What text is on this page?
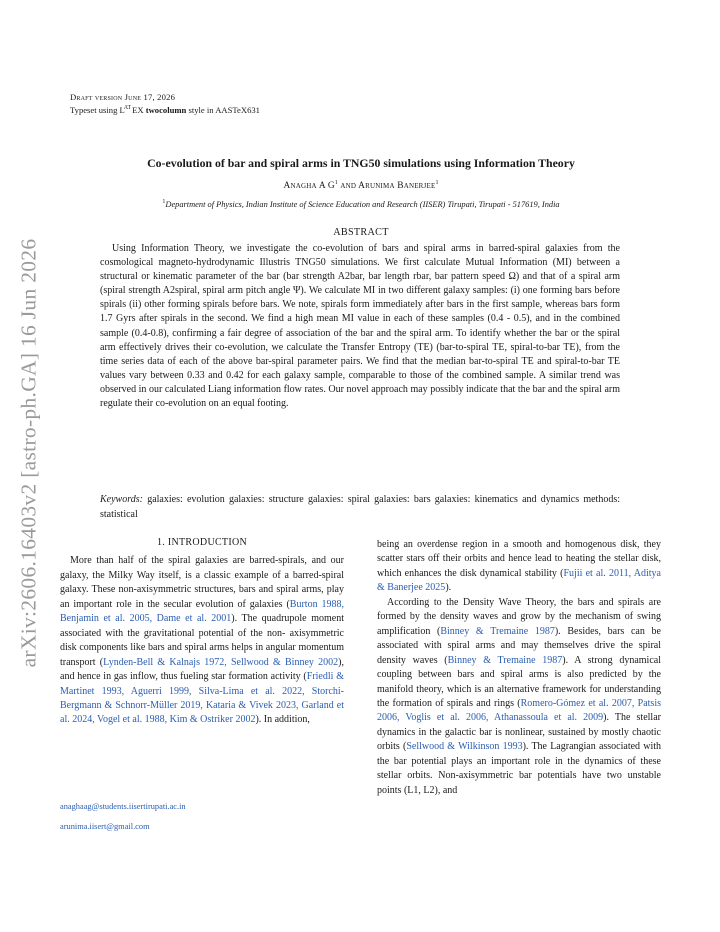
arXiv:2606.16403v2 [astro-ph.GA] 16 Jun 2026
Draft version June 17, 2026
Typeset using $L^{AT}EX$ twocolumn style in AASTeX631
Co-evolution of bar and spiral arms in TNG50 simulations using Information Theory
Anagha A $G^1$ and Arunima Banerjee$^1$
$^1$Department of Physics, Indian Institute of Science Education and Research (IISER) Tirupati, Tirupati - 517619, India
ABSTRACT
Using Information Theory, we investigate the co-evolution of bars and spiral arms in barred-spiral galaxies from the cosmological magneto-hydrodynamic Illustris TNG50 simulations. We first calculate Mutual Information (MI) between a structural or kinematic parameter of the bar (bar strength A2bar, bar length rbar, bar pattern speed Ω) and that of a spiral arm (spiral strength A2spiral, spiral arm pitch angle Ψ). We calculate MI in two different galaxy samples: (i) one forming bars before spirals (ii) other forming spirals before bars. We note, spirals form immediately after bars in the first sample, whereas bars form 1.7 Gyrs after spirals in the second. We find a high mean MI value in each of these samples (0.4 - 0.5), and in the combined sample (0.4-0.8), confirming a fair degree of association of the bar and the spiral arm. To identify whether the bar or the spiral arm effectively drives their co-evolution, we calculate the Transfer Entropy (TE) (bar-to-spiral TE, spiral-to-bar TE), from the time series data of each of the above bar-spiral parameter pairs. We find that the median bar-to-spiral TE and spiral-to-bar TE values vary between 0.33 and 0.42 for each galaxy sample, comparable to those of the combined sample. A similar trend was observed in our calculated Liang information flow rates. Our novel approach may possibly indicate that the bar and the spiral arm regulate their co-evolution on an equal footing.
Keywords: galaxies: evolution galaxies: structure galaxies: spiral galaxies: bars galaxies: kinematics and dynamics methods: statistical

1. INTRODUCTION

More than half of the spiral galaxies are barred-spirals, and our galaxy, the Milky Way itself, is a classic example of a barred-spiral galaxy. These non-axisymmetric structures, bars and spiral arms, play an important role in the secular evolution of galaxies (Burton 1988, Benjamin et al. 2005, Dame et al. 2001). The quadrupole moment associated with the gravitational potential of the non- axisymmetric disk components like bars and spiral arms helps in angular momentum transport (Lynden-Bell & Kalnajs 1972, Sellwood & Binney 2002), and hence in gas inflow, thus fueling star formation activity (Friedli & Martinet 1993, Aguerri 1999, Silva-Lima et al. 2022, Storchi-Bergmann & Schnorr-Müller 2019, Kataria & Vivek 2023, Garland et al. 2024, Vogel et al. 1988, Kim & Ostriker 2002). In addition,

being an overdense region in a smooth and homogenous disk, they scatter stars off their orbits and hence lead to heating the stellar disk, which enhances the disk dynamical stability (Fujii et al. 2011, Aditya & Banerjee 2025).

According to the Density Wave Theory, the bars and spirals are formed by the density waves and grow by the mechanism of swing amplification (Binney & Tremaine 1987). Besides, bars can be associated with spiral arms and may themselves drive the spiral density waves (Binney & Tremaine 1987). A strong dynamical coupling between bars and spiral arms is also predicted by the manifold theory, which is an alternative framework for understanding the formation of spirals and rings (Romero-Gómez et al. 2007, Patsis 2006, Voglis et al. 2006, Athanassoula et al. 2009). The stellar dynamics in the galactic bar is nonlinear, sustained by mostly chaotic orbits (Sellwood & Wilkinson 1993). The Lagrangian associated with the bar potential plays an important role in the dynamics of these stellar orbits. Non-axisymmetric bar potentials have two unstable points (L1, L2), and

anaghaag@students.iisertirupati.ac.in
arunima.iisert@gmail.com
